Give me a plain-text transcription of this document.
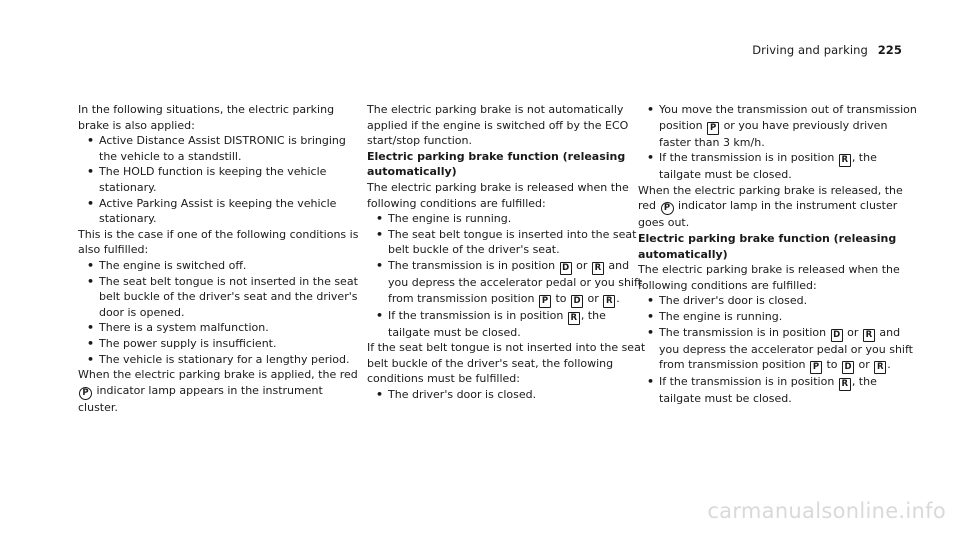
Driving and parking 225

In the following situations, the electric parking brake is also applied:

• Active Distance Assist DISTRONIC is bringing the vehicle to a standstill.
• The HOLD function is keeping the vehicle stationary.
• Active Parking Assist is keeping the vehicle stationary.

This is the case if one of the following conditions is also fulfilled:

• The engine is switched off.
• The seat belt tongue is not inserted in the seat belt buckle of the driver's seat and the driver's door is opened.
• There is a system malfunction.
• The power supply is insufficient.
• The vehicle is stationary for a lengthy period.

When the electric parking brake is applied, the red P indicator lamp appears in the instrument cluster.

The electric parking brake is not automatically applied if the engine is switched off by the ECO start/stop function.

Electric parking brake function (releasing automatically)

The electric parking brake is released when the following conditions are fulfilled:

• The engine is running.
• The seat belt tongue is inserted into the seat belt buckle of the driver's seat.
• The transmission is in position D or R and you depress the accelerator pedal or you shift from transmission position P to D or R .
• If the transmission is in position R , the tailgate must be closed.

If the seat belt tongue is not inserted into the seat belt buckle of the driver's seat, the following conditions must be fulfilled:

• The driver's door is closed.
• You move the transmission out of transmission position P or you have previously driven faster than 3 km/h.
• If the transmission is in position R , the tailgate must be closed.

When the electric parking brake is released, the red P indicator lamp in the instrument cluster goes out.

Electric parking brake function (releasing automatically)

The electric parking brake is released when the following conditions are fulfilled:

• The driver's door is closed.
• The engine is running.
• The transmission is in position D or R and you depress the accelerator pedal or you shift from transmission position P to D or R .
• If the transmission is in position R , the tailgate must be closed.
carmanualsonline.info
